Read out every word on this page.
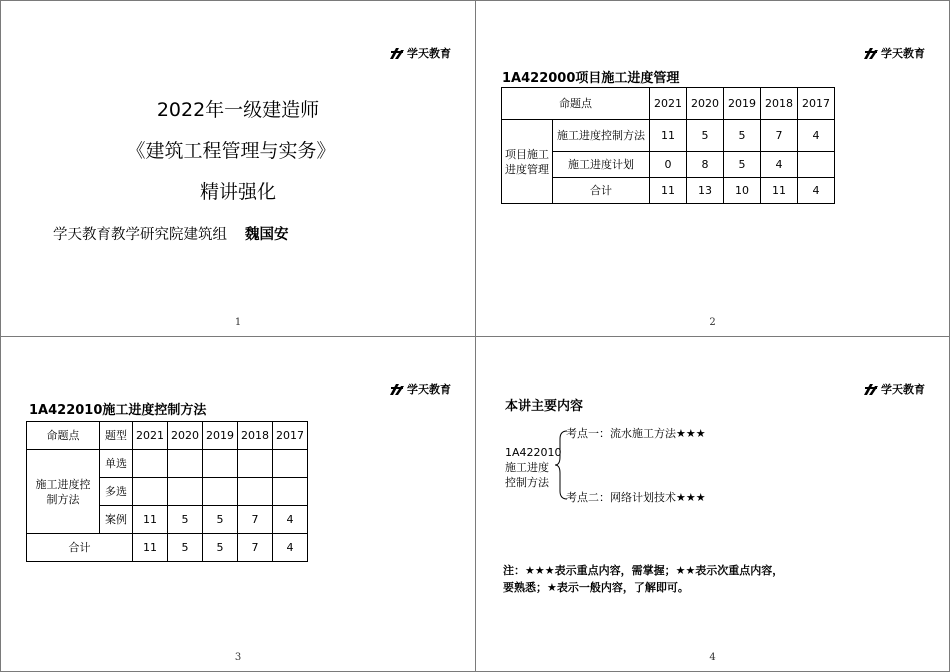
学天教育
2022年一级建造师
《建筑工程管理与实务》
精讲强化
学天教育教学研究院建筑组 魏国安
1
学天教育
1A422000项目施工进度管理
命题点		2021	2020	2019	2018	2017
项目施工进度管理	施工进度控制方法	11	5	5	7	4
	施工进度计划	0	8	5	4	
	合计	11	13	10	11	4
2
学天教育
1A422010施工进度控制方法
命题点	题型	2021	2020	2019	2018	2017
施工进度控制方法	单选					
	多选					
	案例	11	5	5	7	4
合计		11	5	5	7	4
3
学天教育
本讲主要内容
1A422010施工进度控制方法
考点一：流水施工方法★★★
考点二：网络计划技术★★★
注：★★★表示重点内容，需掌握；★★表示次重点内容，
要熟悉；★表示一般内容，了解即可。
4
